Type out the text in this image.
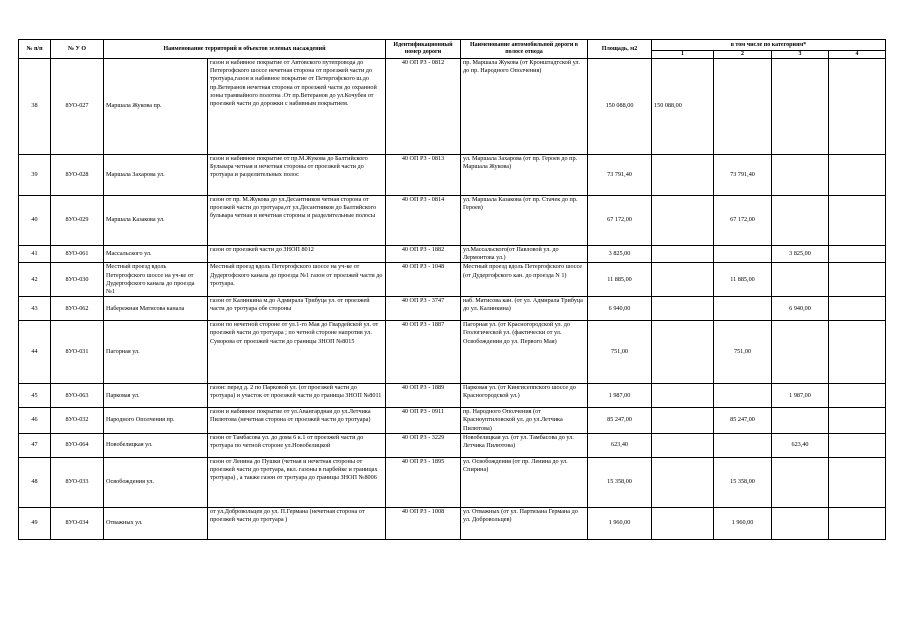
№ п/п	№ У О	Наименование территорий и объектов зеленых насаждений		Идентификационный номер дороги	Наименование автомобильной дороги в полосе отвода	Площадь, м2	в том числе по категориям*			
							1	2	3	4
38	8УО-027	Маршала Жукова пр.	газон и набивное покрытие от Автовского путепровода до Петергофского шоссе нечетная сторона от проезжей части до тротуара,газон и набивное покрытие от Петергофского ш.до пр.Ветеранов нечетная сторона от проезжей части до охранной зоны трамвайного полотна .От пр.Ветеранов до ул.Кочубея от проезжей части до дорожки с набивным покрытием.	40 ОП РЗ - 0812	пр. Маршала Жукова (от Кронштадтской ул. до пр. Народного Ополчения)	150 088,00	150 088,00			
39	8УО-028	Маршала Захарова ул.	газон и набивное покрытие от пр.М.Жукова до Балтийского Бульвара четная и нечетная стороны от проезжей части до тротуара и разделительных полос	40 ОП РЗ - 0813	ул. Маршала Захарова (от пр. Героев до пр. Маршала Жукова)	73 791,40		73 791,40		
40	8УО-029	Маршала Казакова ул.	газон от пр. М.Жукова до ул.Десантников четная сторона от проезжей части до тротуара,от ул.Десантников до Балтийского бульвара четная и нечетная стороны и разделительные полосы	40 ОП РЗ - 0814	ул. Маршала Казакова (от пр. Стачек до пр. Героев)	67 172,00		67 172,00		
41	8УО-061	Массальского ул.	газон от проезжей части до ЗНОП 8012	40 ОП РЗ - 1882	ул.Массальского(от Павловой ул. до Лермонтова ул.)	3 825,00			3 825,00	
42	8УО-030	Местный проезд вдоль Петергофского шоссе на уч-ке от Дудергофского канала до проезда №1	Местный проезд вдоль Петергофского шоссе на уч-ке от Дудергофского канала до проезда №1 газон от проезжей части до тротуара.	40 ОП РЗ - 1048	Местный проезд вдоль Петергофского шоссе (от Дудергофского кан. до проезда N 1)	11 885,00		11 885,00		
43	8УО-062	Набережная Матисова канала	газон от Калинкина м.до Адмирала Трибуца ул. от проезжей части до тротуара обе стороны	40 ОП РЗ - 3747	наб. Матисова кан. (от ул. Адмирала Трибуца до ул. Калинкина)	6 940,00			6 940,00	
44	8УО-031	Пагорная ул.	газон по нечетной стороне от ул.1-го Мая до Гвардейской ул. от проезжей части до тротуара ; по четной стороне напротив ул. Суворова от проезжей части до границы ЗНОП №8015	40 ОП РЗ - 1887	Пагорная ул. (от Красногородской ул. до Геологической ул. (фактически от ул. Освобождения до ул. Первого Мая)	751,00		751,00		
45	8УО-063	Парковая ул.	газон: перед д. 2 по Парковой ул. (от проезжей части до тротуара) и участок от проезжей части до границы ЗНОП №8011	40 ОП РЗ - 1889	Парковая ул. (от Кингисеппского шоссе до Красногородской ул.)	1 987,00			1 987,00	
46	8УО-032	Народного Ополчения пр.	газон и набивное покрытие от ул.Авангардная до ул.Летчика Пилютова (нечетная сторона от проезжей части до тротуара)	40 ОП РЗ - 0911	пр. Народного Ополчения (от Красноуптиловской ул. до ул.Летчика Пилютова)	85 247,00		85 247,00		
47	8УО-064	Новобелицкая ул.	газон от Тамбасова ул. до дома 6 к.1 от проезжей части до тротуара по четной стороне ул.Новобелицкой	40 ОП РЗ - 3229	Новобелицкая ул. (от ул. Тамбасова до ул. Летчика Пилютова)	623,40			623,40	
48	8УО-033	Освобождения ул.	газон от Ленина до Пушки (четная и нечетная стороны от проезжей части до тротуара, вкл. газоны в парбейке и границах тротуара) , а также газон от тротуара до границы ЗНОП №8006	40 ОП РЗ - 1895	ул. Освобождения (от пр. Ленина до ул. Спирина)	15 358,00		15 358,00		
49	8УО-034	Отважных ул.	от ул.Добровольцев до ул. П.Германа (нечетная сторона от проезжей части до тротуара )	40 ОП РЗ - 1008	ул. Отважных (от ул. Партизана Германа до ул. Добровольцев)	1 960,00		1 960,00		
